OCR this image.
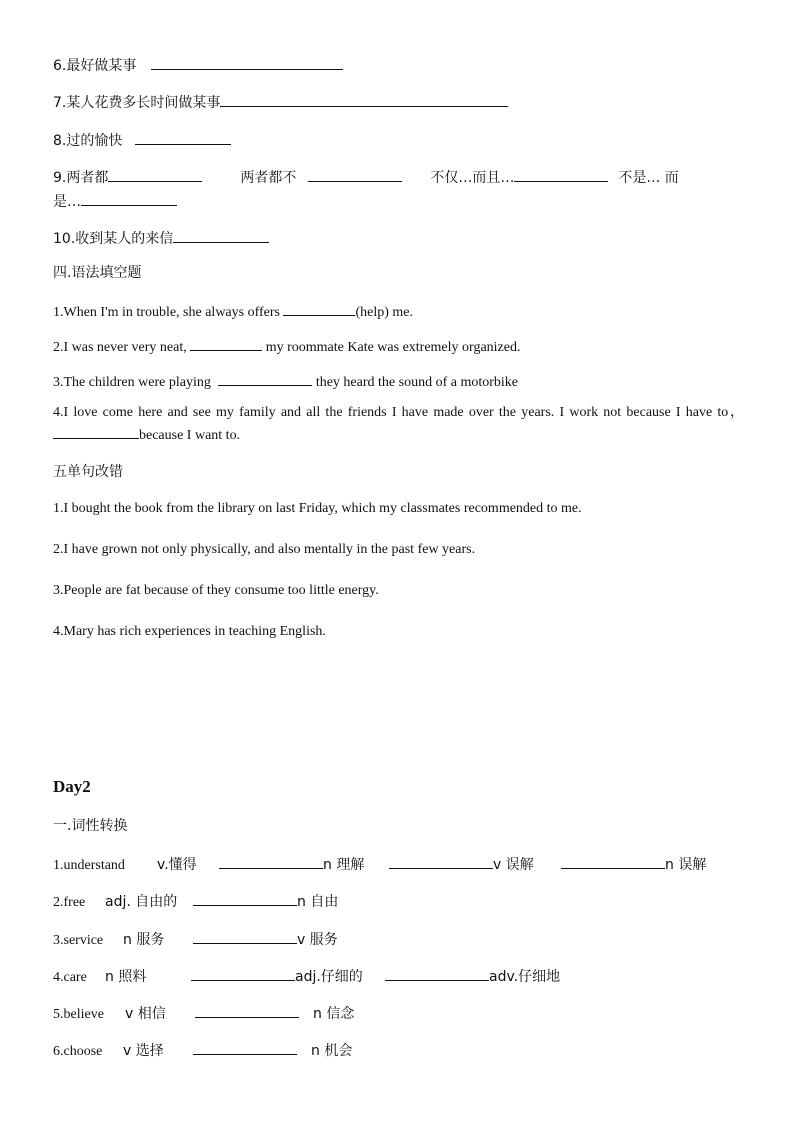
6.最好做某事
7.某人花费多长时间做某事
8.过的愉快
9.两者都	两者都不	不仅…而且…	不是… 而
是…
10.收到某人的来信
四.语法填空题
1.When I'm in trouble, she always offers	(help) me.
2.I was never very neat,	my roommate Kate was extremely organized.
3.The children were playing	they heard the sound of a motorbike
4.I love come here and see my family and all the friends I have made over the years. I work not because I have to，because I want to.
五单句改错
1.I bought the book from the library on last Friday, which my classmates recommended to me.
2.I have grown not only physically, and also mentally in the past few years.
3.People are fat because of they consume too little energy.
4.Mary has rich experiences in teaching English.
Day2
一.词性转换
1.understand v.懂得	n 理解	v 误解	n 误解
2.free adj. 自由的	n 自由
3.service n 服务	v 服务
4.care n 照料	adj.仔细的	adv.仔细地
5.believe v 相信	n 信念
6.choose v 选择	n 机会
